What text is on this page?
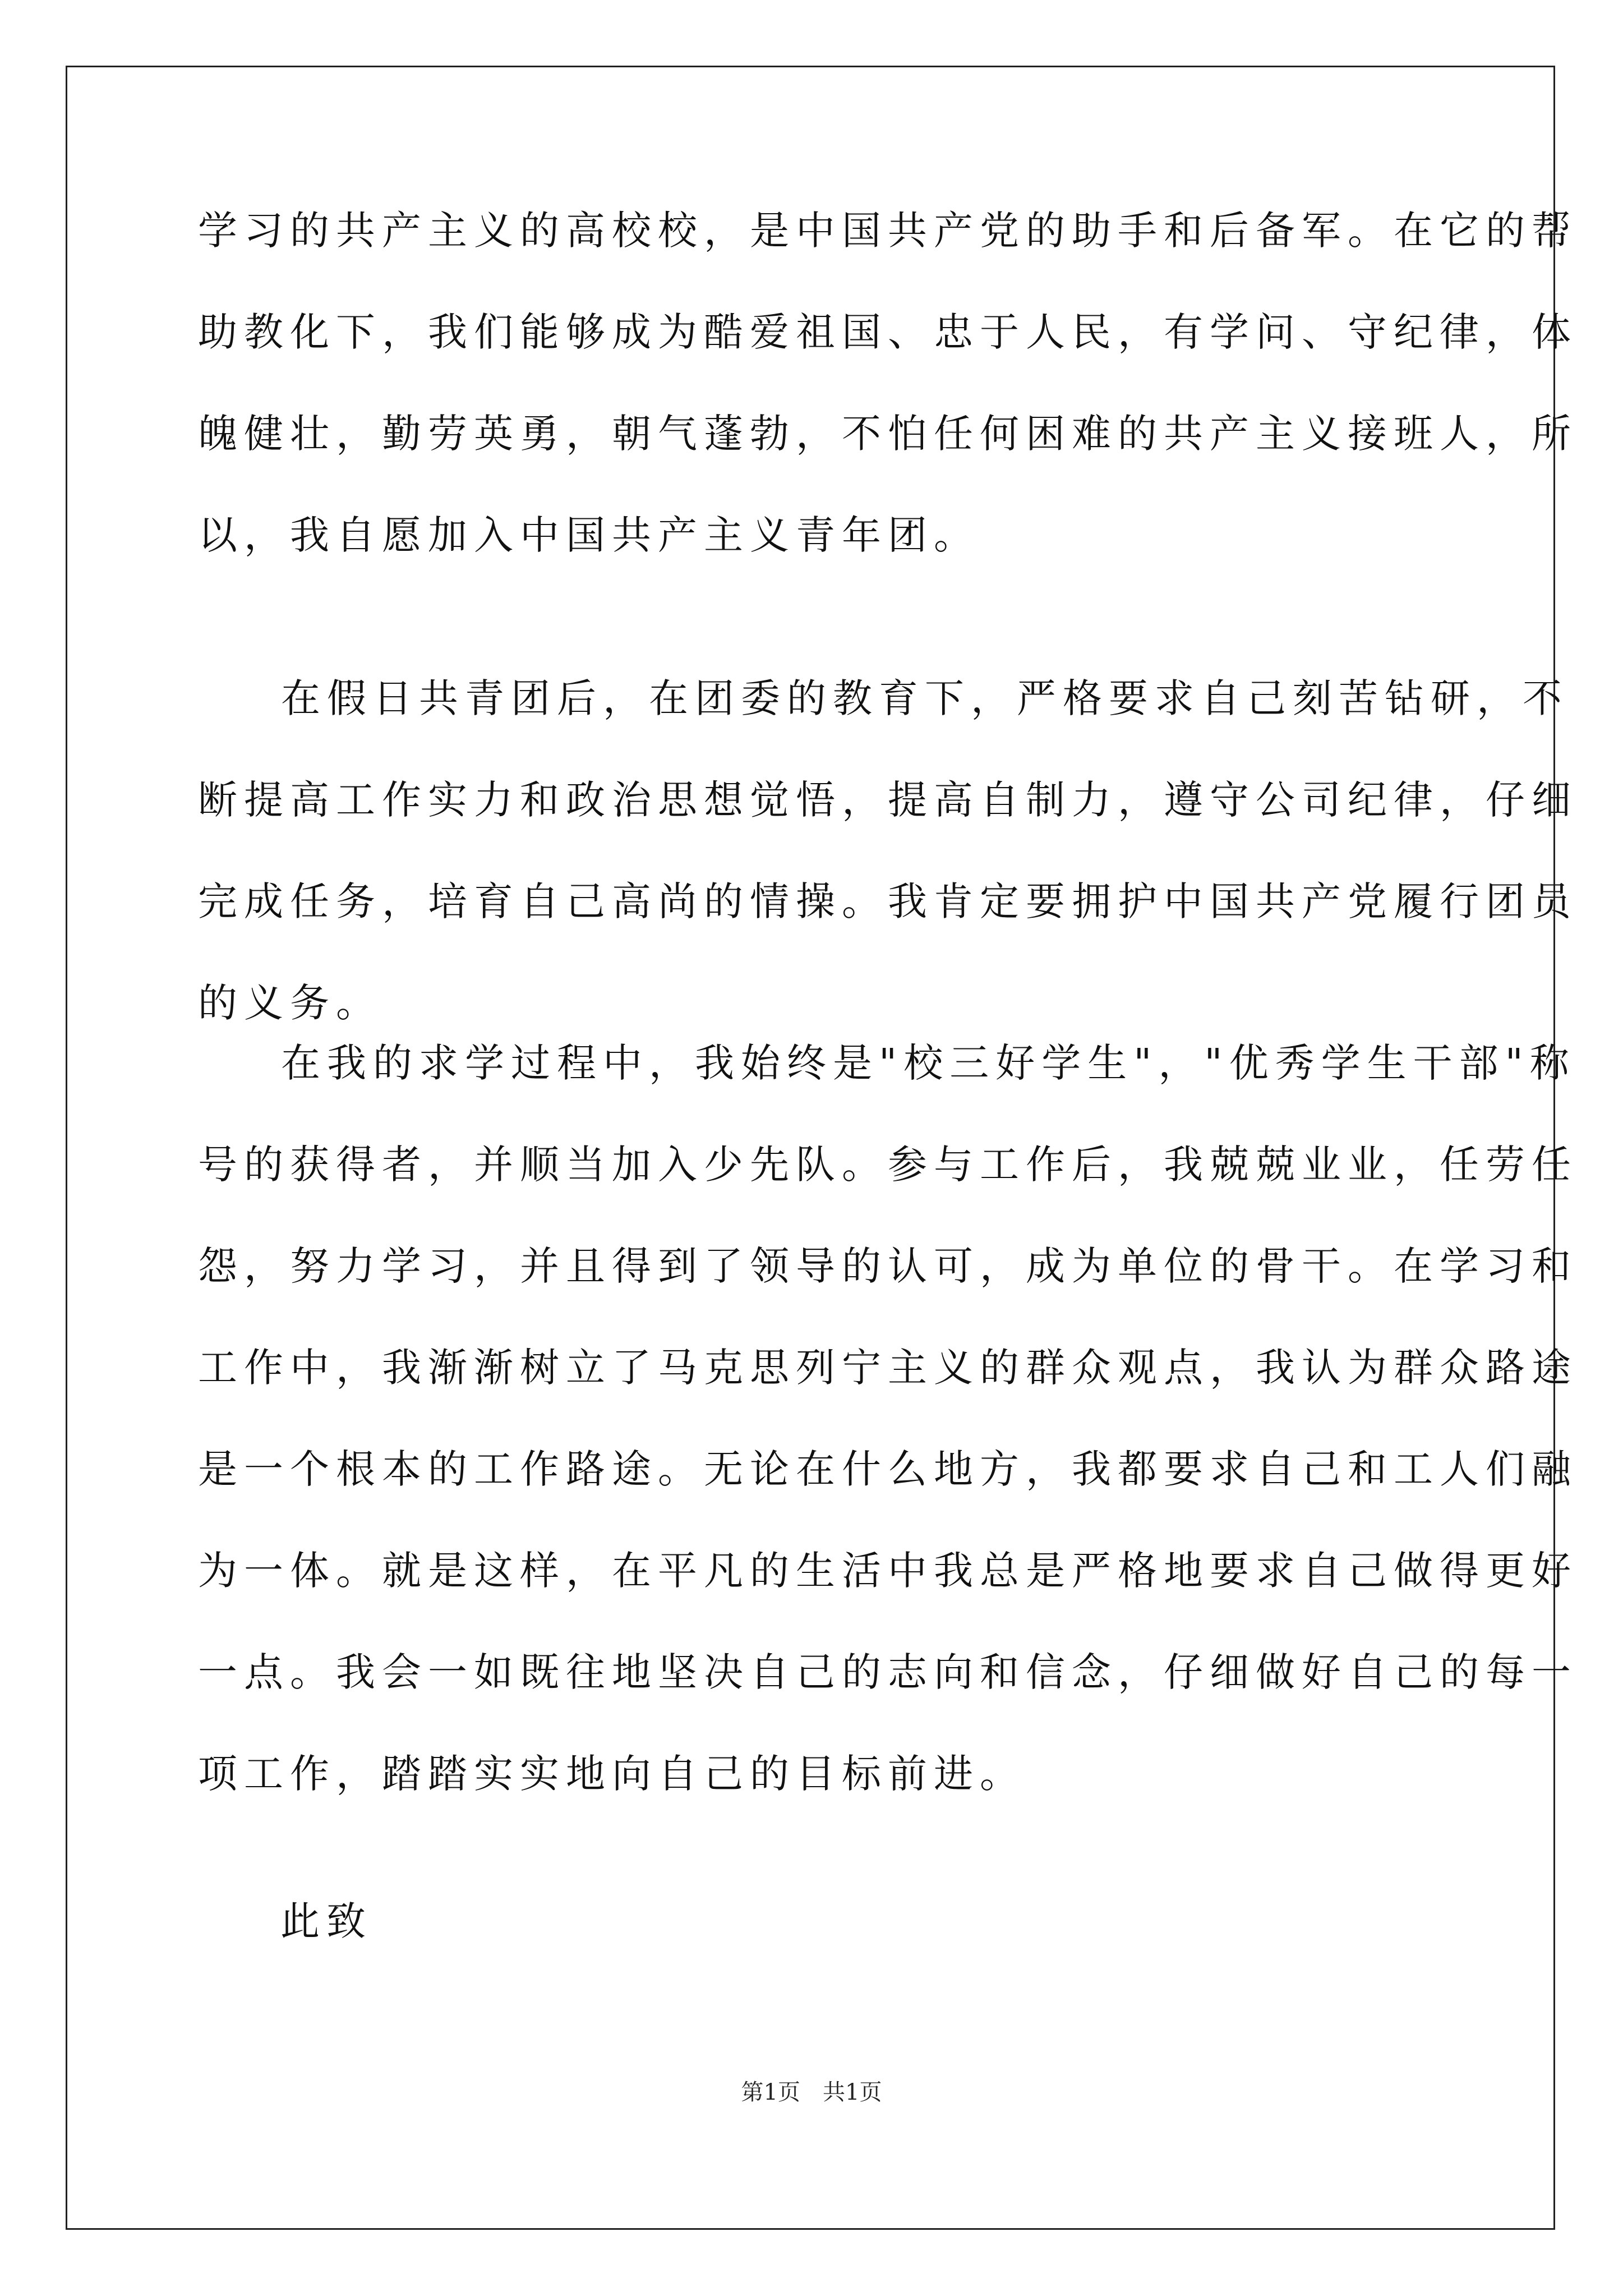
学习的共产主义的高校校，是中国共产党的助手和后备军。在它的帮
助教化下，我们能够成为酷爱祖国、忠于人民，有学问、守纪律，体
魄健壮，勤劳英勇，朝气蓬勃，不怕任何困难的共产主义接班人，所
以，我自愿加入中国共产主义青年团。
在假日共青团后，在团委的教育下，严格要求自己刻苦钻研，不
断提高工作实力和政治思想觉悟，提高自制力，遵守公司纪律，仔细
完成任务，培育自己高尚的情操。我肯定要拥护中国共产党履行团员
的义务。
在我的求学过程中，我始终是"校三好学生"，"优秀学生干部"称
号的获得者，并顺当加入少先队。参与工作后，我兢兢业业，任劳任
怨，努力学习，并且得到了领导的认可，成为单位的骨干。在学习和
工作中，我渐渐树立了马克思列宁主义的群众观点，我认为群众路途
是一个根本的工作路途。无论在什么地方，我都要求自己和工人们融
为一体。就是这样，在平凡的生活中我总是严格地要求自己做得更好
一点。我会一如既往地坚决自己的志向和信念，仔细做好自己的每一
项工作，踏踏实实地向自己的目标前进。

此致

第1页　共1页
